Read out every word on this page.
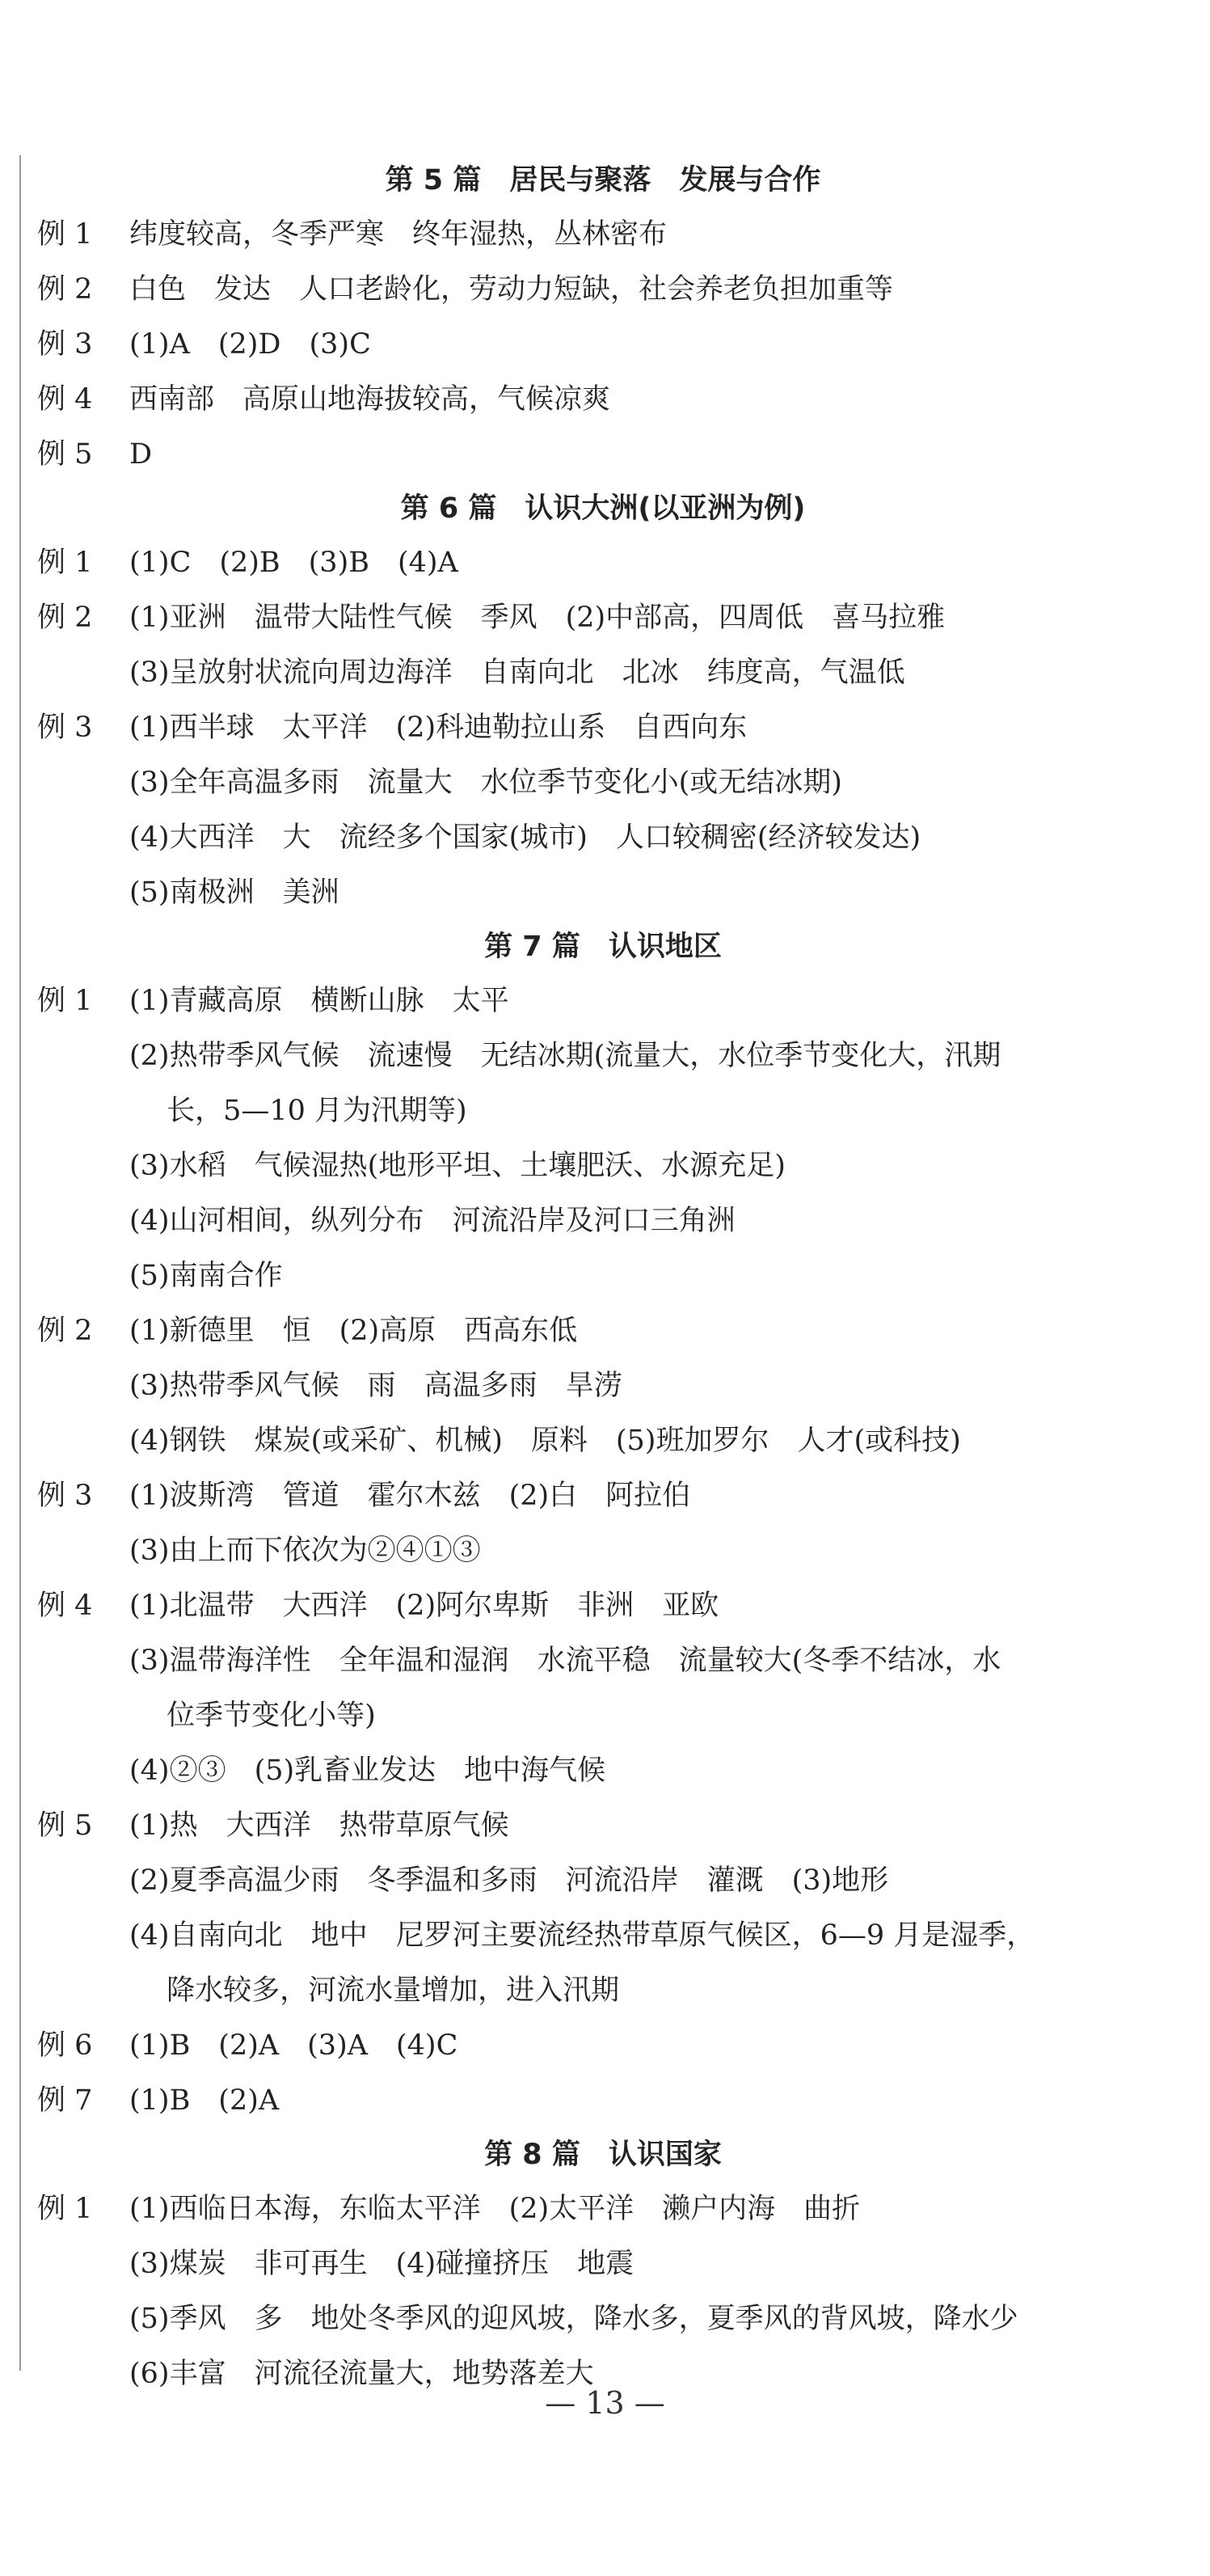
第 5 篇　居民与聚落　发展与合作
例 1 纬度较高，冬季严寒　终年湿热，丛林密布
例 2 白色　发达　人口老龄化，劳动力短缺，社会养老负担加重等
例 3 (1)A　(2)D　(3)C
例 4 西南部　高原山地海拔较高，气候凉爽
例 5 D
第 6 篇　认识大洲(以亚洲为例)
例 1 (1)C　(2)B　(3)B　(4)A
例 2 (1)亚洲　温带大陆性气候　季风　(2)中部高，四周低　喜马拉雅
(3)呈放射状流向周边海洋　自南向北　北冰　纬度高，气温低
例 3 (1)西半球　太平洋　(2)科迪勒拉山系　自西向东
(3)全年高温多雨　流量大　水位季节变化小(或无结冰期)
(4)大西洋　大　流经多个国家(城市)　人口较稠密(经济较发达)
(5)南极洲　美洲
第 7 篇　认识地区
例 1 (1)青藏高原　横断山脉　太平
(2)热带季风气候　流速慢　无结冰期(流量大，水位季节变化大，汛期
　 长，5—10 月为汛期等)
(3)水稻　气候湿热(地形平坦、土壤肥沃、水源充足)
(4)山河相间，纵列分布　河流沿岸及河口三角洲
(5)南南合作
例 2 (1)新德里　恒　(2)高原　西高东低
(3)热带季风气候　雨　高温多雨　旱涝
(4)钢铁　煤炭(或采矿、机械)　原料　(5)班加罗尔　人才(或科技)
例 3 (1)波斯湾　管道　霍尔木兹　(2)白　阿拉伯
(3)由上而下依次为②④①③
例 4 (1)北温带　大西洋　(2)阿尔卑斯　非洲　亚欧
(3)温带海洋性　全年温和湿润　水流平稳　流量较大(冬季不结冰，水
　 位季节变化小等)
(4)②③　(5)乳畜业发达　地中海气候
例 5 (1)热　大西洋　热带草原气候
(2)夏季高温少雨　冬季温和多雨　河流沿岸　灌溉　(3)地形
(4)自南向北　地中　尼罗河主要流经热带草原气候区，6—9 月是湿季，
　 降水较多，河流水量增加，进入汛期
例 6 (1)B　(2)A　(3)A　(4)C
例 7 (1)B　(2)A
第 8 篇　认识国家
例 1 (1)西临日本海，东临太平洋　(2)太平洋　濑户内海　曲折
(3)煤炭　非可再生　(4)碰撞挤压　地震
(5)季风　多　地处冬季风的迎风坡，降水多，夏季风的背风坡，降水少
(6)丰富　河流径流量大，地势落差大
— 13 —
